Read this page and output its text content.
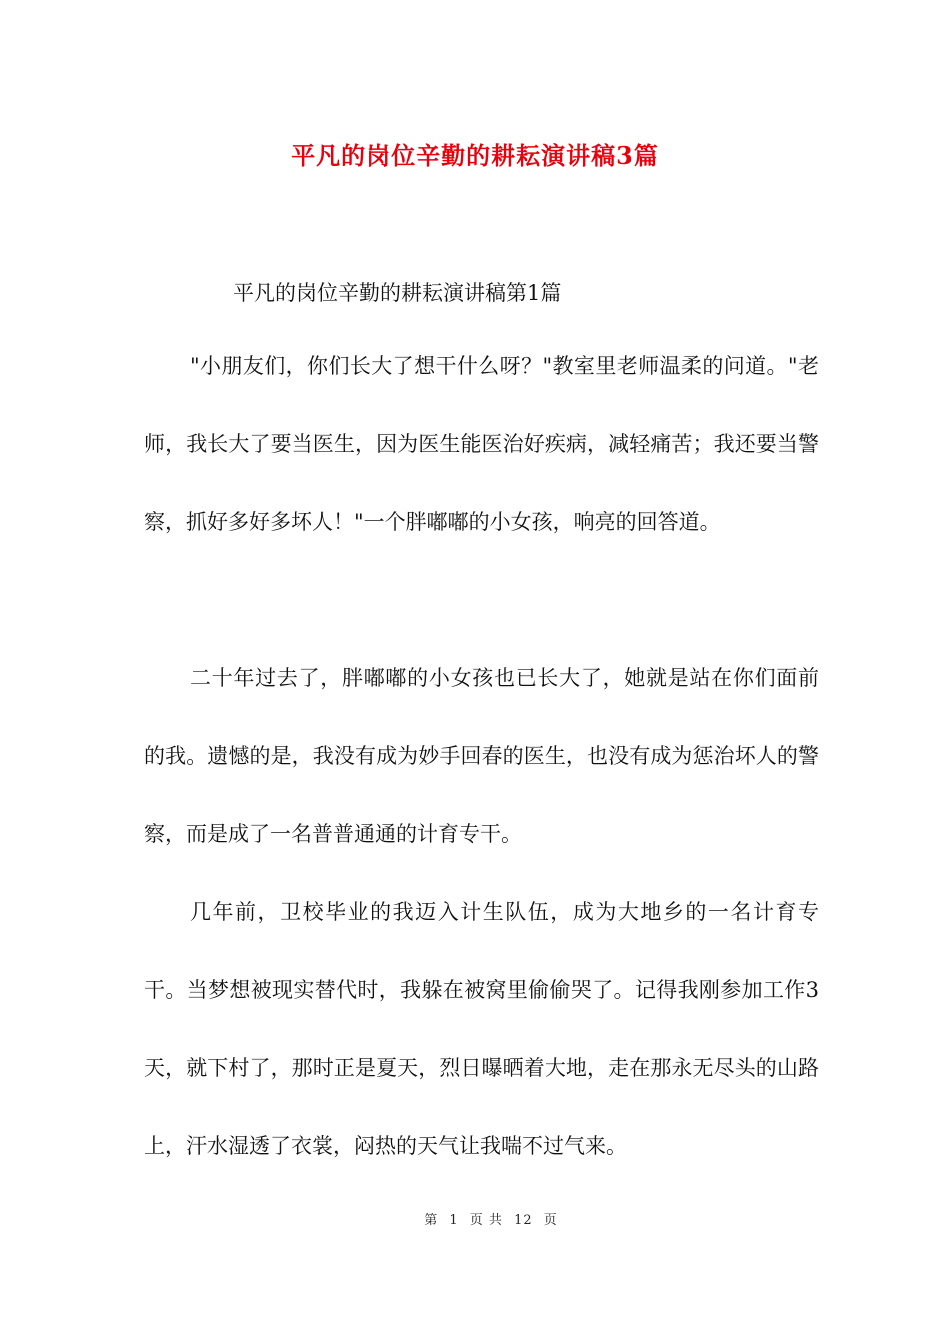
平凡的岗位辛勤的耕耘演讲稿3篇
平凡的岗位辛勤的耕耘演讲稿第1篇

"小朋友们，你们长大了想干什么呀？"教室里老师温柔的问道。"老师，我长大了要当医生，因为医生能医治好疾病，减轻痛苦；我还要当警察，抓好多好多坏人！"一个胖嘟嘟的小女孩，响亮的回答道。

二十年过去了，胖嘟嘟的小女孩也已长大了，她就是站在你们面前的我。遗憾的是，我没有成为妙手回春的医生，也没有成为惩治坏人的警察，而是成了一名普普通通的计育专干。

几年前，卫校毕业的我迈入计生队伍，成为大地乡的一名计育专干。当梦想被现实替代时，我躲在被窝里偷偷哭了。记得我刚参加工作3天，就下村了，那时正是夏天，烈日曝晒着大地，走在那永无尽头的山路上，汗水湿透了衣裳，闷热的天气让我喘不过气来。

第 1 页 共 12 页
